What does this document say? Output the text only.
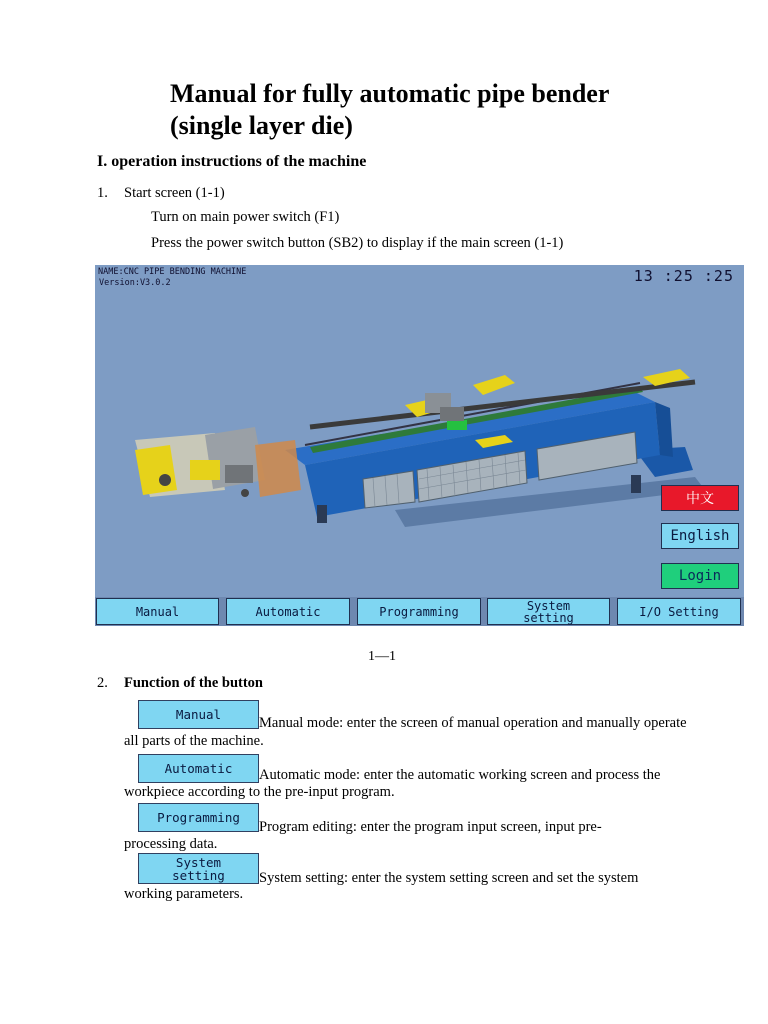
Manual for fully automatic pipe bender
(single layer die)
I. operation instructions of the machine
1. Start screen (1-1)
Turn on main power switch (F1)
Press the power switch button (SB2) to display if the main screen (1-1)
NAME:CNC PIPE BENDING MACHINE
Version:V3.0.2	13 :25 :25
中文
English
Login
Manual	Automatic	Programming	System
setting	I/O Setting
1—1
2. Function of the button
Manual
Manual mode: enter the screen of manual operation and manually operate
all parts of the machine.
Automatic Automatic mode: enter the automatic working screen and process the
workpiece according to the pre-input program.
Programming
Program editing: enter the program input screen, input pre-
processing data.
System
setting System setting: enter the system setting screen and set the system
working parameters.
